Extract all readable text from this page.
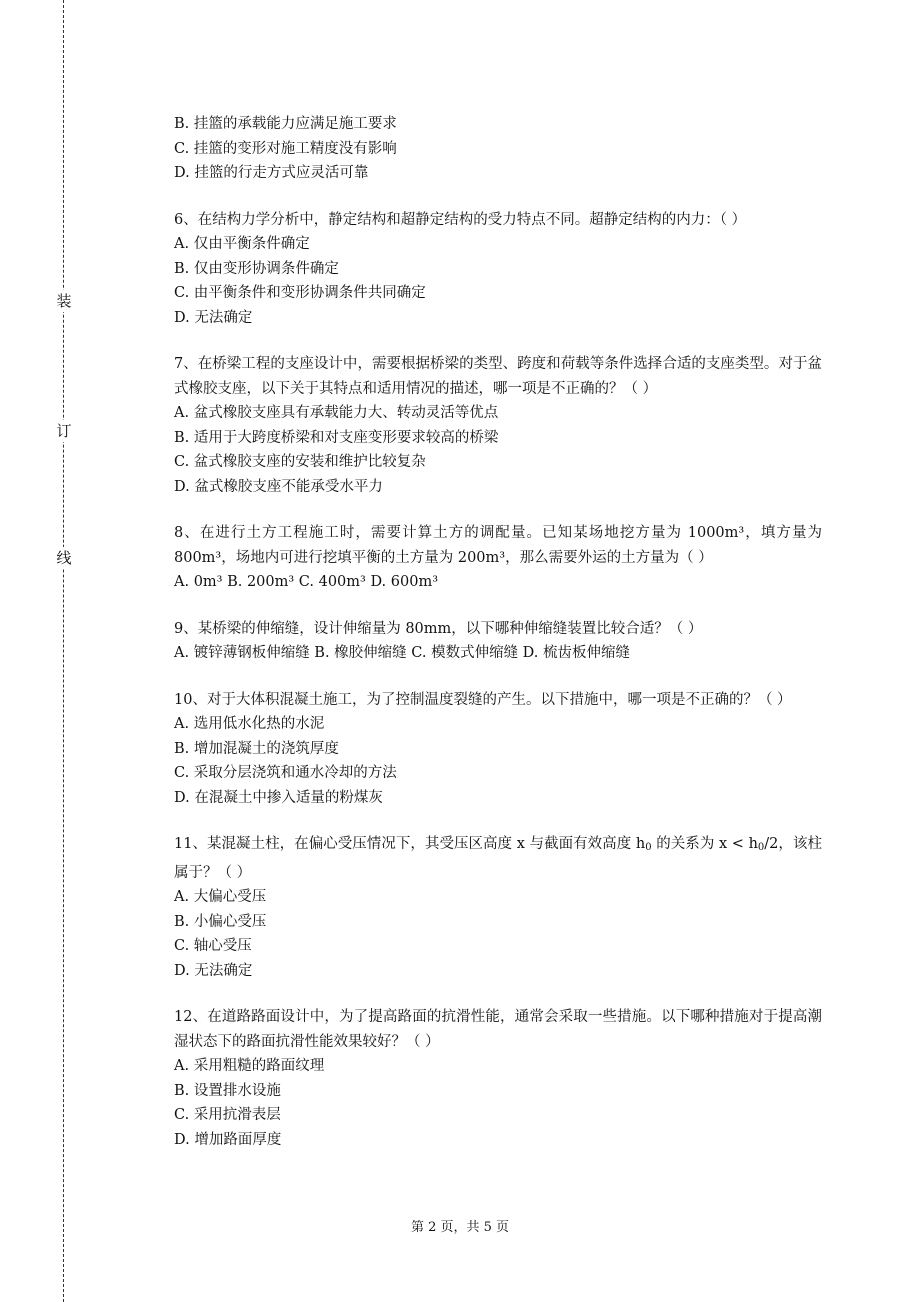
装
订
线

B. 挂篮的承载能力应满足施工要求

C. 挂篮的变形对施工精度没有影响

D. 挂篮的行走方式应灵活可靠

6、在结构力学分析中，静定结构和超静定结构的受力特点不同。超静定结构的内力：（ ）

A. 仅由平衡条件确定

B. 仅由变形协调条件确定

C. 由平衡条件和变形协调条件共同确定

D. 无法确定

7、在桥梁工程的支座设计中，需要根据桥梁的类型、跨度和荷载等条件选择合适的支座类型。对于盆式橡胶支座，以下关于其特点和适用情况的描述，哪一项是不正确的？（ ）

A. 盆式橡胶支座具有承载能力大、转动灵活等优点

B. 适用于大跨度桥梁和对支座变形要求较高的桥梁

C. 盆式橡胶支座的安装和维护比较复杂

D. 盆式橡胶支座不能承受水平力

8、在进行土方工程施工时，需要计算土方的调配量。已知某场地挖方量为 1000m³，填方量为 800m³，场地内可进行挖填平衡的土方量为 200m³，那么需要外运的土方量为（ ）

A. 0m³ B. 200m³ C. 400m³ D. 600m³

9、某桥梁的伸缩缝，设计伸缩量为 80mm，以下哪种伸缩缝装置比较合适？（ ）

A. 镀锌薄钢板伸缩缝 B. 橡胶伸缩缝 C. 模数式伸缩缝 D. 梳齿板伸缩缝

10、对于大体积混凝土施工，为了控制温度裂缝的产生。以下措施中，哪一项是不正确的？（ ）

A. 选用低水化热的水泥

B. 增加混凝土的浇筑厚度

C. 采取分层浇筑和通水冷却的方法

D. 在混凝土中掺入适量的粉煤灰

11、某混凝土柱，在偏心受压情况下，其受压区高度 x 与截面有效高度 $h_0$ 的关系为 $x < h_0/2$，该柱属于？（ ）

A. 大偏心受压

B. 小偏心受压

C. 轴心受压

D. 无法确定

12、在道路路面设计中，为了提高路面的抗滑性能，通常会采取一些措施。以下哪种措施对于提高潮湿状态下的路面抗滑性能效果较好？（ ）

A. 采用粗糙的路面纹理

B. 设置排水设施

C. 采用抗滑表层

D. 增加路面厚度

第 2 页，共 5 页
